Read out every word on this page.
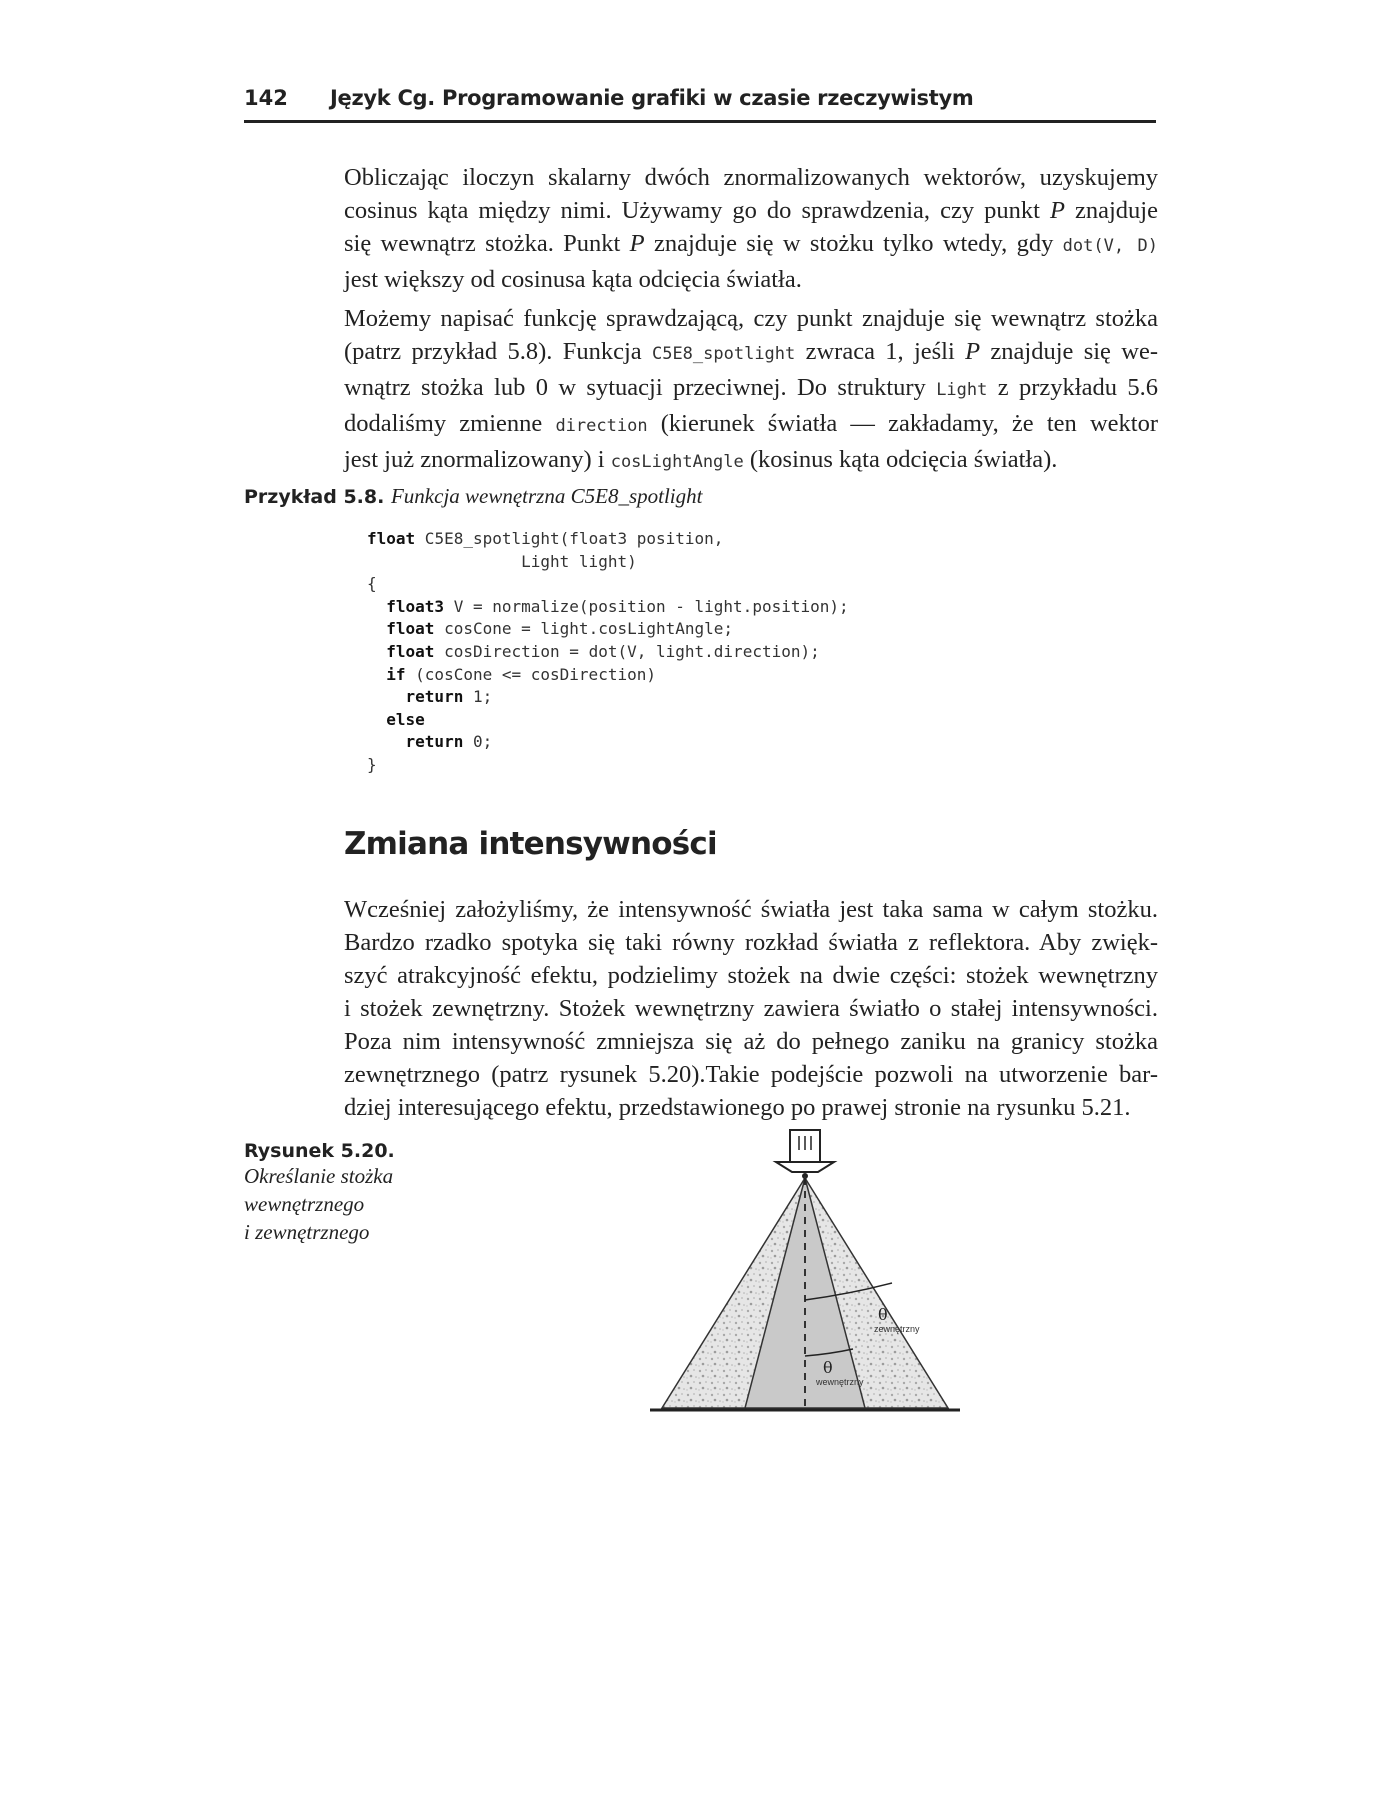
142 Język Cg. Programowanie grafiki w czasie rzeczywistym

Obliczając iloczyn skalarny dwóch znormalizowanych wektorów, uzyskujemy
cosinus kąta między nimi. Używamy go do sprawdzenia, czy punkt P znajduje
się wewnątrz stożka. Punkt P znajduje się w stożku tylko wtedy, gdy dot(V, D)
jest większy od cosinusa kąta odcięcia światła.

Możemy napisać funkcję sprawdzającą, czy punkt znajduje się wewnątrz stożka
(patrz przykład 5.8). Funkcja C5E8_spotlight zwraca 1, jeśli P znajduje się we-
wnątrz stożka lub 0 w sytuacji przeciwnej. Do struktury Light z przykładu 5.6
dodaliśmy zmienne direction (kierunek światła — zakładamy, że ten wektor
jest już znormalizowany) i cosLightAngle (kosinus kąta odcięcia światła).

Przykład 5.8. Funkcja wewnętrzna C5E8_spotlight
float C5E8_spotlight(float3 position,
Light light)
{
float3 V = normalize(position - light.position);
float cosCone = light.cosLightAngle;
float cosDirection = dot(V, light.direction);
if (cosCone <= cosDirection)
return 1;
else
return 0;
}
Zmiana intensywności

Wcześniej założyliśmy, że intensywność światła jest taka sama w całym stożku.
Bardzo rzadko spotyka się taki równy rozkład światła z reflektora. Aby zwięk-
szyć atrakcyjność efektu, podzielimy stożek na dwie części: stożek wewnętrzny
i stożek zewnętrzny. Stożek wewnętrzny zawiera światło o stałej intensywności.
Poza nim intensywność zmniejsza się aż do pełnego zaniku na granicy stożka
zewnętrznego (patrz rysunek 5.20).Takie podejście pozwoli na utworzenie bar-
dziej interesującego efektu, przedstawionego po prawej stronie na rysunku 5.21.

Rysunek 5.20.
Określanie stożka
wewnętrznego
i zewnętrznego
θ
zewnętrzny
θ
wewnętrzny
